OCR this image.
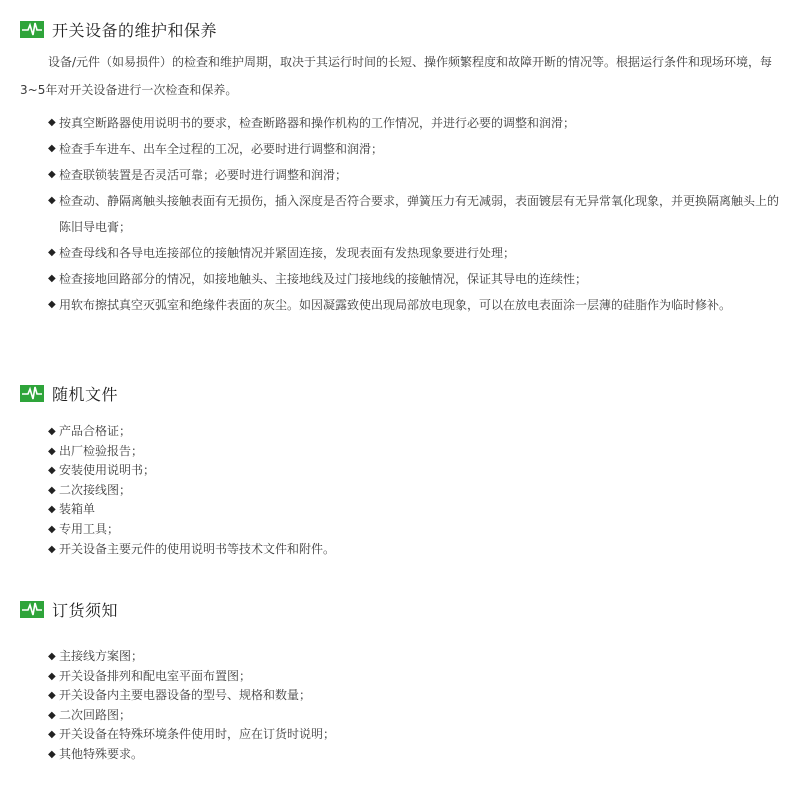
开关设备的维护和保养

设备/元件（如易损件）的检查和维护周期，取决于其运行时间的长短、操作频繁程度和故障开断的情况等。根据运行条件和现场环境，每3~5年对开关设备进行一次检查和保养。

◆ 按真空断路器使用说明书的要求，检查断路器和操作机构的工作情况，并进行必要的调整和润滑；
◆ 检查手车进车、出车全过程的工况，必要时进行调整和润滑；
◆ 检查联锁装置是否灵活可靠；必要时进行调整和润滑；
◆ 检查动、静隔离触头接触表面有无损伤，插入深度是否符合要求，弹簧压力有无减弱，表面镀层有无异常氧化现象，并更换隔离触头上的陈旧导电膏；
◆ 检查母线和各导电连接部位的接触情况并紧固连接，发现表面有发热现象要进行处理；
◆ 检查接地回路部分的情况，如接地触头、主接地线及过门接地线的接触情况，保证其导电的连续性；
◆ 用软布擦拭真空灭弧室和绝缘件表面的灰尘。如因凝露致使出现局部放电现象，可以在放电表面涂一层薄的硅脂作为临时修补。
随机文件
◆ 产品合格证；
◆ 出厂检验报告；
◆ 安装使用说明书；
◆ 二次接线图；
◆ 装箱单
◆ 专用工具；
◆ 开关设备主要元件的使用说明书等技术文件和附件。
订货须知
◆ 主接线方案图；
◆ 开关设备排列和配电室平面布置图；
◆ 开关设备内主要电器设备的型号、规格和数量；
◆ 二次回路图；
◆ 开关设备在特殊环境条件使用时，应在订货时说明；
◆ 其他特殊要求。
